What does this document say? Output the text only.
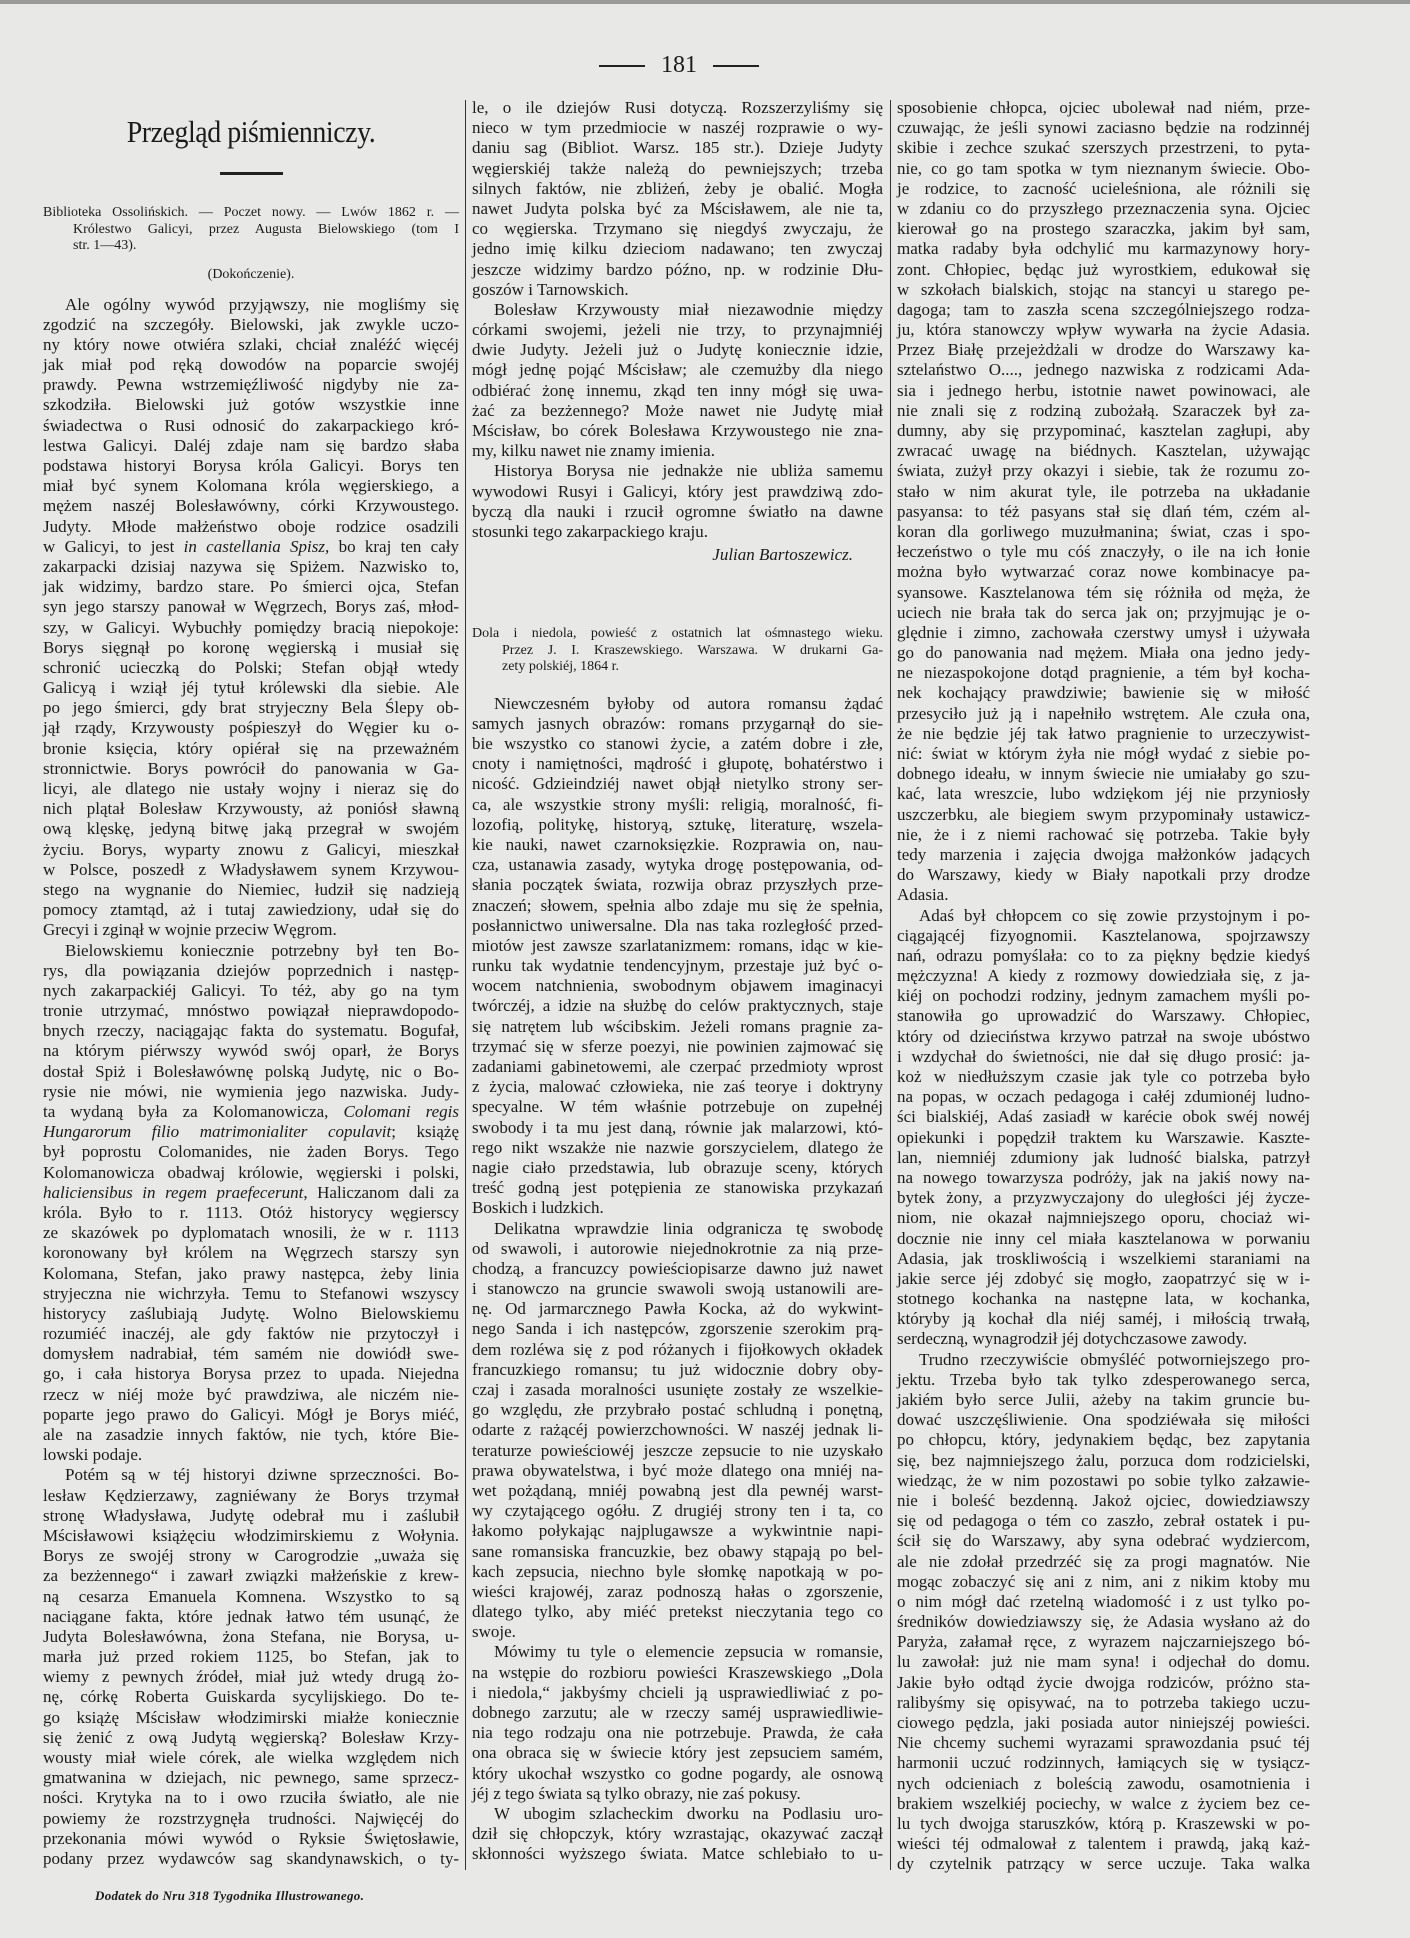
181
Przegląd piśmienniczy.
Biblioteka Ossolińskich. — Poczet nowy. — Lwów 1862 r. —
Królestwo Galicyi, przez Augusta Bielowskiego (tom I
str. 1—43).
(Dokończenie).
Ale ogólny wywód przyjąwszy, nie mogliśmy się
zgodzić na szczegóły. Bielowski, jak zwykle uczo-
ny który nowe otwiéra szlaki, chciał znaléźć więcéj
jak miał pod ręką dowodów na poparcie swojéj
prawdy. Pewna wstrzemięźliwość nigdyby nie za-
szkodziła. Bielowski już gotów wszystkie inne
świadectwa o Rusi odnosić do zakarpackiego kró-
lestwa Galicyi. Daléj zdaje nam się bardzo słaba
podstawa historyi Borysa króla Galicyi. Borys ten
miał być synem Kolomana króla węgierskiego, a
mężem naszéj Bolesławówny, córki Krzywoustego.
Judyty. Młode małżeństwo oboje rodzice osadzili
w Galicyi, to jest in castellania Spisz, bo kraj ten cały
zakarpacki dzisiaj nazywa się Spiżem. Nazwisko to,
jak widzimy, bardzo stare. Po śmierci ojca, Stefan
syn jego starszy panował w Węgrzech, Borys zaś, młod-
szy, w Galicyi. Wybuchły pomiędzy bracią niepokoje:
Borys sięgnął po koronę węgierską i musiał się
schronić ucieczką do Polski; Stefan objął wtedy
Galicyą i wziął jéj tytuł królewski dla siebie. Ale
po jego śmierci, gdy brat stryjeczny Bela Ślepy ob-
jął rządy, Krzywousty pośpieszył do Węgier ku o-
bronie księcia, który opiérał się na przeważném
stronnictwie. Borys powrócił do panowania w Ga-
licyi, ale dlatego nie ustały wojny i nieraz się do
nich plątał Bolesław Krzywousty, aż poniósł sławną
ową klęskę, jedyną bitwę jaką przegrał w swojém
życiu. Borys, wyparty znowu z Galicyi, mieszkał
w Polsce, poszedł z Władysławem synem Krzywou-
stego na wygnanie do Niemiec, łudził się nadzieją
pomocy ztamtąd, aż i tutaj zawiedziony, udał się do
Grecyi i zginął w wojnie przeciw Węgrom.
Bielowskiemu koniecznie potrzebny był ten Bo-
rys, dla powiązania dziejów poprzednich i następ-
nych zakarpackiéj Galicyi. To téż, aby go na tym
tronie utrzymać, mnóstwo powiązał nieprawdopodo-
bnych rzeczy, naciągając fakta do systematu. Bogufał,
na którym piérwszy wywód swój oparł, że Borys
dostał Spiż i Bolesławównę polską Judytę, nic o Bo-
rysie nie mówi, nie wymienia jego nazwiska. Judy-
ta wydaną była za Kolomanowicza, Colomani regis
Hungarorum filio matrimonialiter copulavit; książę
był poprostu Colomanides, nie żaden Borys. Tego
Kolomanowicza obadwaj królowie, węgierski i polski,
haliciensibus in regem praefecerunt, Haliczanom dali za
króla. Było to r. 1113. Otóż historycy węgierscy
ze skazówek po dyplomatach wnosili, że w r. 1113
koronowany był królem na Węgrzech starszy syn
Kolomana, Stefan, jako prawy następca, żeby linia
stryjeczna nie wichrzyła. Temu to Stefanowi wszyscy
historycy zaślubiają Judytę. Wolno Bielowskiemu
rozumiéć inaczéj, ale gdy faktów nie przytoczył i
domysłem nadrabiał, tém samém nie dowiódł swe-
go, i cała historya Borysa przez to upada. Niejedna
rzecz w niéj może być prawdziwa, ale niczém nie-
poparte jego prawo do Galicyi. Mógł je Borys miéć,
ale na zasadzie innych faktów, nie tych, które Bie-
lowski podaje.
Potém są w téj historyi dziwne sprzeczności. Bo-
lesław Kędzierzawy, zagniéwany że Borys trzymał
stronę Władysława, Judytę odebrał mu i zaślubił
Mścisławowi książęciu włodzimirskiemu z Wołynia.
Borys ze swojéj strony w Carogrodzie „uważa się
za bezżennego“ i zawarł związki małżeńskie z krew-
ną cesarza Emanuela Komnena. Wszystko to są
naciągane fakta, które jednak łatwo tém usunąć, że
Judyta Bolesławówna, żona Stefana, nie Borysa, u-
marła już przed rokiem 1125, bo Stefan, jak to
wiemy z pewnych źródeł, miał już wtedy drugą żo-
nę, córkę Roberta Guiskarda sycylijskiego. Do te-
go książę Mścisław włodzimirski miałże koniecznie
się żenić z ową Judytą węgierską? Bolesław Krzy-
wousty miał wiele córek, ale wielka względem nich
gmatwanina w dziejach, nic pewnego, same sprzecz-
ności. Krytyka na to i owo rzuciła światło, ale nie
powiemy że rozstrzygnęła trudności. Najwięcéj do
przekonania mówi wywód o Ryksie Świętosławie,
podany przez wydawców sag skandynawskich, o ty-
le, o ile dziejów Rusi dotyczą. Rozszerzyliśmy się
nieco w tym przedmiocie w naszéj rozprawie o wy-
daniu sag (Bibliot. Warsz. 185 str.). Dzieje Judyty
węgierskiéj także należą do pewniejszych; trzeba
silnych faktów, nie zbliżeń, żeby je obalić. Mogła
nawet Judyta polska być za Mścisławem, ale nie ta,
co węgierska. Trzymano się niegdyś zwyczaju, że
jedno imię kilku dzieciom nadawano; ten zwyczaj
jeszcze widzimy bardzo późno, np. w rodzinie Dłu-
goszów i Tarnowskich.
Bolesław Krzywousty miał niezawodnie między
córkami swojemi, jeżeli nie trzy, to przynajmniéj
dwie Judyty. Jeżeli już o Judytę koniecznie idzie,
mógł jednę pojąć Mścisław; ale czemużby dla niego
odbiérać żonę innemu, zkąd ten inny mógł się uwa-
żać za bezżennego? Może nawet nie Judytę miał
Mścisław, bo córek Bolesława Krzywoustego nie zna-
my, kilku nawet nie znamy imienia.
Historya Borysa nie jednakże nie ubliża samemu
wywodowi Rusyi i Galicyi, który jest prawdziwą zdo-
byczą dla nauki i rzucił ogromne światło na dawne
stosunki tego zakarpackiego kraju.
Julian Bartoszewicz.
Dola i niedola, powieść z ostatnich lat ośmnastego wieku.
Przez J. I. Kraszewskiego. Warszawa. W drukarni Ga-
zety polskiéj, 1864 r.
Niewczesném byłoby od autora romansu żądać
samych jasnych obrazów: romans przygarnął do sie-
bie wszystko co stanowi życie, a zatém dobre i złe,
cnoty i namiętności, mądrość i głupotę, bohatérstwo i
nicość. Gdzieindziéj nawet objął nietylko strony ser-
ca, ale wszystkie strony myśli: religią, moralność, fi-
lozofią, politykę, historyą, sztukę, literaturę, wszela-
kie nauki, nawet czarnoksięzkie. Rozprawia on, nau-
cza, ustanawia zasady, wytyka drogę postępowania, od-
słania początek świata, rozwija obraz przyszłych prze-
znaczeń; słowem, spełnia albo zdaje mu się że spełnia,
posłannictwo uniwersalne. Dla nas taka rozległość przed-
miotów jest zawsze szarlatanizmem: romans, idąc w kie-
runku tak wydatnie tendencyjnym, przestaje już być o-
wocem natchnienia, swobodnym objawem imaginacyi
twórczéj, a idzie na służbę do celów praktycznych, staje
się natrętem lub wścibskim. Jeżeli romans pragnie za-
trzymać się w sferze poezyi, nie powinien zajmować się
zadaniami gabinetowemi, ale czerpać przedmioty wprost
z życia, malować człowieka, nie zaś teorye i doktryny
specyalne. W tém właśnie potrzebuje on zupełnéj
swobody i ta mu jest daną, równie jak malarzowi, któ-
rego nikt wszakże nie nazwie gorszycielem, dlatego że
nagie ciało przedstawia, lub obrazuje sceny, których
treść godną jest potępienia ze stanowiska przykazań
Boskich i ludzkich.
Delikatna wprawdzie linia odgranicza tę swobodę
od swawoli, i autorowie niejednokrotnie za nią prze-
chodzą, a francuzcy powieściopisarze dawno już nawet
i stanowczo na gruncie swawoli swoją ustanowili are-
nę. Od jarmarcznego Pawła Kocka, aż do wykwint-
nego Sanda i ich następców, zgorszenie szerokim prą-
dem rozléwa się z pod różanych i fijołkowych okładek
francuzkiego romansu; tu już widocznie dobry oby-
czaj i zasada moralności usunięte zostały ze wszelkie-
go względu, złe przybrało postać schludną i ponętną,
odarte z rażącéj powierzchowności. W naszéj jednak li-
teraturze powieściowéj jeszcze zepsucie to nie uzyskało
prawa obywatelstwa, i być może dlatego ona mniéj na-
wet pożądaną, mniéj powabną jest dla pewnéj warst-
wy czytającego ogółu. Z drugiéj strony ten i ta, co
łakomo połykając najplugawsze a wykwintnie napi-
sane romansiska francuzkie, bez obawy stąpają po bel-
kach zepsucia, niechno byle słomkę napotkają w po-
wieści krajowéj, zaraz podnoszą hałas o zgorszenie,
dlatego tylko, aby miéć pretekst nieczytania tego co
swoje.
Mówimy tu tyle o elemencie zepsucia w romansie,
na wstępie do rozbioru powieści Kraszewskiego „Dola
i niedola,“ jakbyśmy chcieli ją usprawiedliwiać z po-
dobnego zarzutu; ale w rzeczy saméj usprawiedliwie-
nia tego rodzaju ona nie potrzebuje. Prawda, że cała
ona obraca się w świecie który jest zepsuciem samém,
który ukochał wszystko co godne pogardy, ale osnową
jéj z tego świata są tylko obrazy, nie zaś pokusy.
W ubogim szlacheckim dworku na Podlasiu uro-
dził się chłopczyk, który wzrastając, okazywać zaczął
skłonności wyższego świata. Matce schlebiało to u-
sposobienie chłopca, ojciec ubolewał nad niém, prze-
czuwając, że jeśli synowi zaciasno będzie na rodzinnéj
skibie i zechce szukać szerszych przestrzeni, to pyta-
nie, co go tam spotka w tym nieznanym świecie. Obo-
je rodzice, to zacność ucieleśniona, ale różnili się
w zdaniu co do przyszłego przeznaczenia syna. Ojciec
kierował go na prostego szaraczka, jakim był sam,
matka radaby była odchylić mu karmazynowy hory-
zont. Chłopiec, będąc już wyrostkiem, edukował się
w szkołach bialskich, stojąc na stancyi u starego pe-
dagoga; tam to zaszła scena szczególniejszego rodza-
ju, która stanowczy wpływ wywarła na życie Adasia.
Przez Białę przejeżdżali w drodze do Warszawy ka-
sztelaństwo O...., jednego nazwiska z rodzicami Ada-
sia i jednego herbu, istotnie nawet powinowaci, ale
nie znali się z rodziną zubożałą. Szaraczek był za-
dumny, aby się przypominać, kasztelan zagłupi, aby
zwracać uwagę na biédnych. Kasztelan, używając
świata, zużył przy okazyi i siebie, tak że rozumu zo-
stało w nim akurat tyle, ile potrzeba na układanie
pasyansa: to téż pasyans stał się dlań tém, czém al-
koran dla gorliwego muzułmanina; świat, czas i spo-
łeczeństwo o tyle mu cóś znaczyły, o ile na ich łonie
można było wytwarzać coraz nowe kombinacye pa-
syansowe. Kasztelanowa tém się różniła od męża, że
uciech nie brała tak do serca jak on; przyjmując je o-
ględnie i zimno, zachowała czerstwy umysł i używała
go do panowania nad mężem. Miała ona jedno jedy-
ne niezaspokojone dotąd pragnienie, a tém był kocha-
nek kochający prawdziwie; bawienie się w miłość
przesyciło już ją i napełniło wstrętem. Ale czuła ona,
że nie będzie jéj tak łatwo pragnienie to urzeczywist-
nić: świat w którym żyła nie mógł wydać z siebie po-
dobnego ideału, w innym świecie nie umiałaby go szu-
kać, lata wreszcie, lubo wdziękom jéj nie przyniosły
uszczerbku, ale biegiem swym przypominały ustawicz-
nie, że i z niemi rachować się potrzeba. Takie były
tedy marzenia i zajęcia dwojga małżonków jadących
do Warszawy, kiedy w Biały napotkali przy drodze
Adasia.
Adaś był chłopcem co się zowie przystojnym i po-
ciągającéj fizyognomii. Kasztelanowa, spojrzawszy
nań, odrazu pomyślała: co to za piękny będzie kiedyś
mężczyzna! A kiedy z rozmowy dowiedziała się, z ja-
kiéj on pochodzi rodziny, jednym zamachem myśli po-
stanowiła go uprowadzić do Warszawy. Chłopiec,
który od dzieciństwa krzywo patrzał na swoje ubóstwo
i wzdychał do świetności, nie dał się długo prosić: ja-
koż w niedłuższym czasie jak tyle co potrzeba było
na popas, w oczach pedagoga i całéj zdumionéj ludno-
ści bialskiéj, Adaś zasiadł w karécie obok swéj nowéj
opiekunki i popędził traktem ku Warszawie. Kaszte-
lan, niemniéj zdumiony jak ludność bialska, patrzył
na nowego towarzysza podróży, jak na jakiś nowy na-
bytek żony, a przyzwyczajony do uległości jéj życze-
niom, nie okazał najmniejszego oporu, chociaż wi-
docznie nie inny cel miała kasztelanowa w porwaniu
Adasia, jak troskliwością i wszelkiemi staraniami na
jakie serce jéj zdobyć się mogło, zaopatrzyć się w i-
stotnego kochanka na następne lata, w kochanka,
któryby ją kochał dla niéj saméj, i miłością trwałą,
serdeczną, wynagrodził jéj dotychczasowe zawody.
Trudno rzeczywiście obmyśléć potworniejszego pro-
jektu. Trzeba było tak tylko zdesperowanego serca,
jakiém było serce Julii, ażeby na takim gruncie bu-
dować uszczęśliwienie. Ona spodziéwała się miłości
po chłopcu, który, jedynakiem będąc, bez zapytania
się, bez najmniejszego żalu, porzuca dom rodzicielski,
wiedząc, że w nim pozostawi po sobie tylko załzawie-
nie i boleść bezdenną. Jakoż ojciec, dowiedziawszy
się od pedagoga o tém co zaszło, zebrał ostatek i pu-
ścił się do Warszawy, aby syna odebrać wydziercom,
ale nie zdołał przedrzéć się za progi magnatów. Nie
mogąc zobaczyć się ani z nim, ani z nikim ktoby mu
o nim mógł dać rzetelną wiadomość i z ust tylko po-
średników dowiedziawszy się, że Adasia wysłano aż do
Paryża, załamał ręce, z wyrazem najczarniejszego bó-
lu zawołał: już nie mam syna! i odjechał do domu.
Jakie było odtąd życie dwojga rodziców, próżno sta-
ralibyśmy się opisywać, na to potrzeba takiego uczu-
ciowego pędzla, jaki posiada autor niniejszéj powieści.
Nie chcemy suchemi wyrazami sprawozdania psuć téj
harmonii uczuć rodzinnych, łamiących się w tysiącz-
nych odcieniach z boleścią zawodu, osamotnienia i
brakiem wszelkiéj pociechy, w walce z życiem bez ce-
lu tych dwojga staruszków, którą p. Kraszewski w po-
wieści téj odmalował z talentem i prawdą, jaką każ-
dy czytelnik patrzący w serce uczuje. Taka walka
Dodatek do Nru 318 Tygodnika Illustrowanego.
